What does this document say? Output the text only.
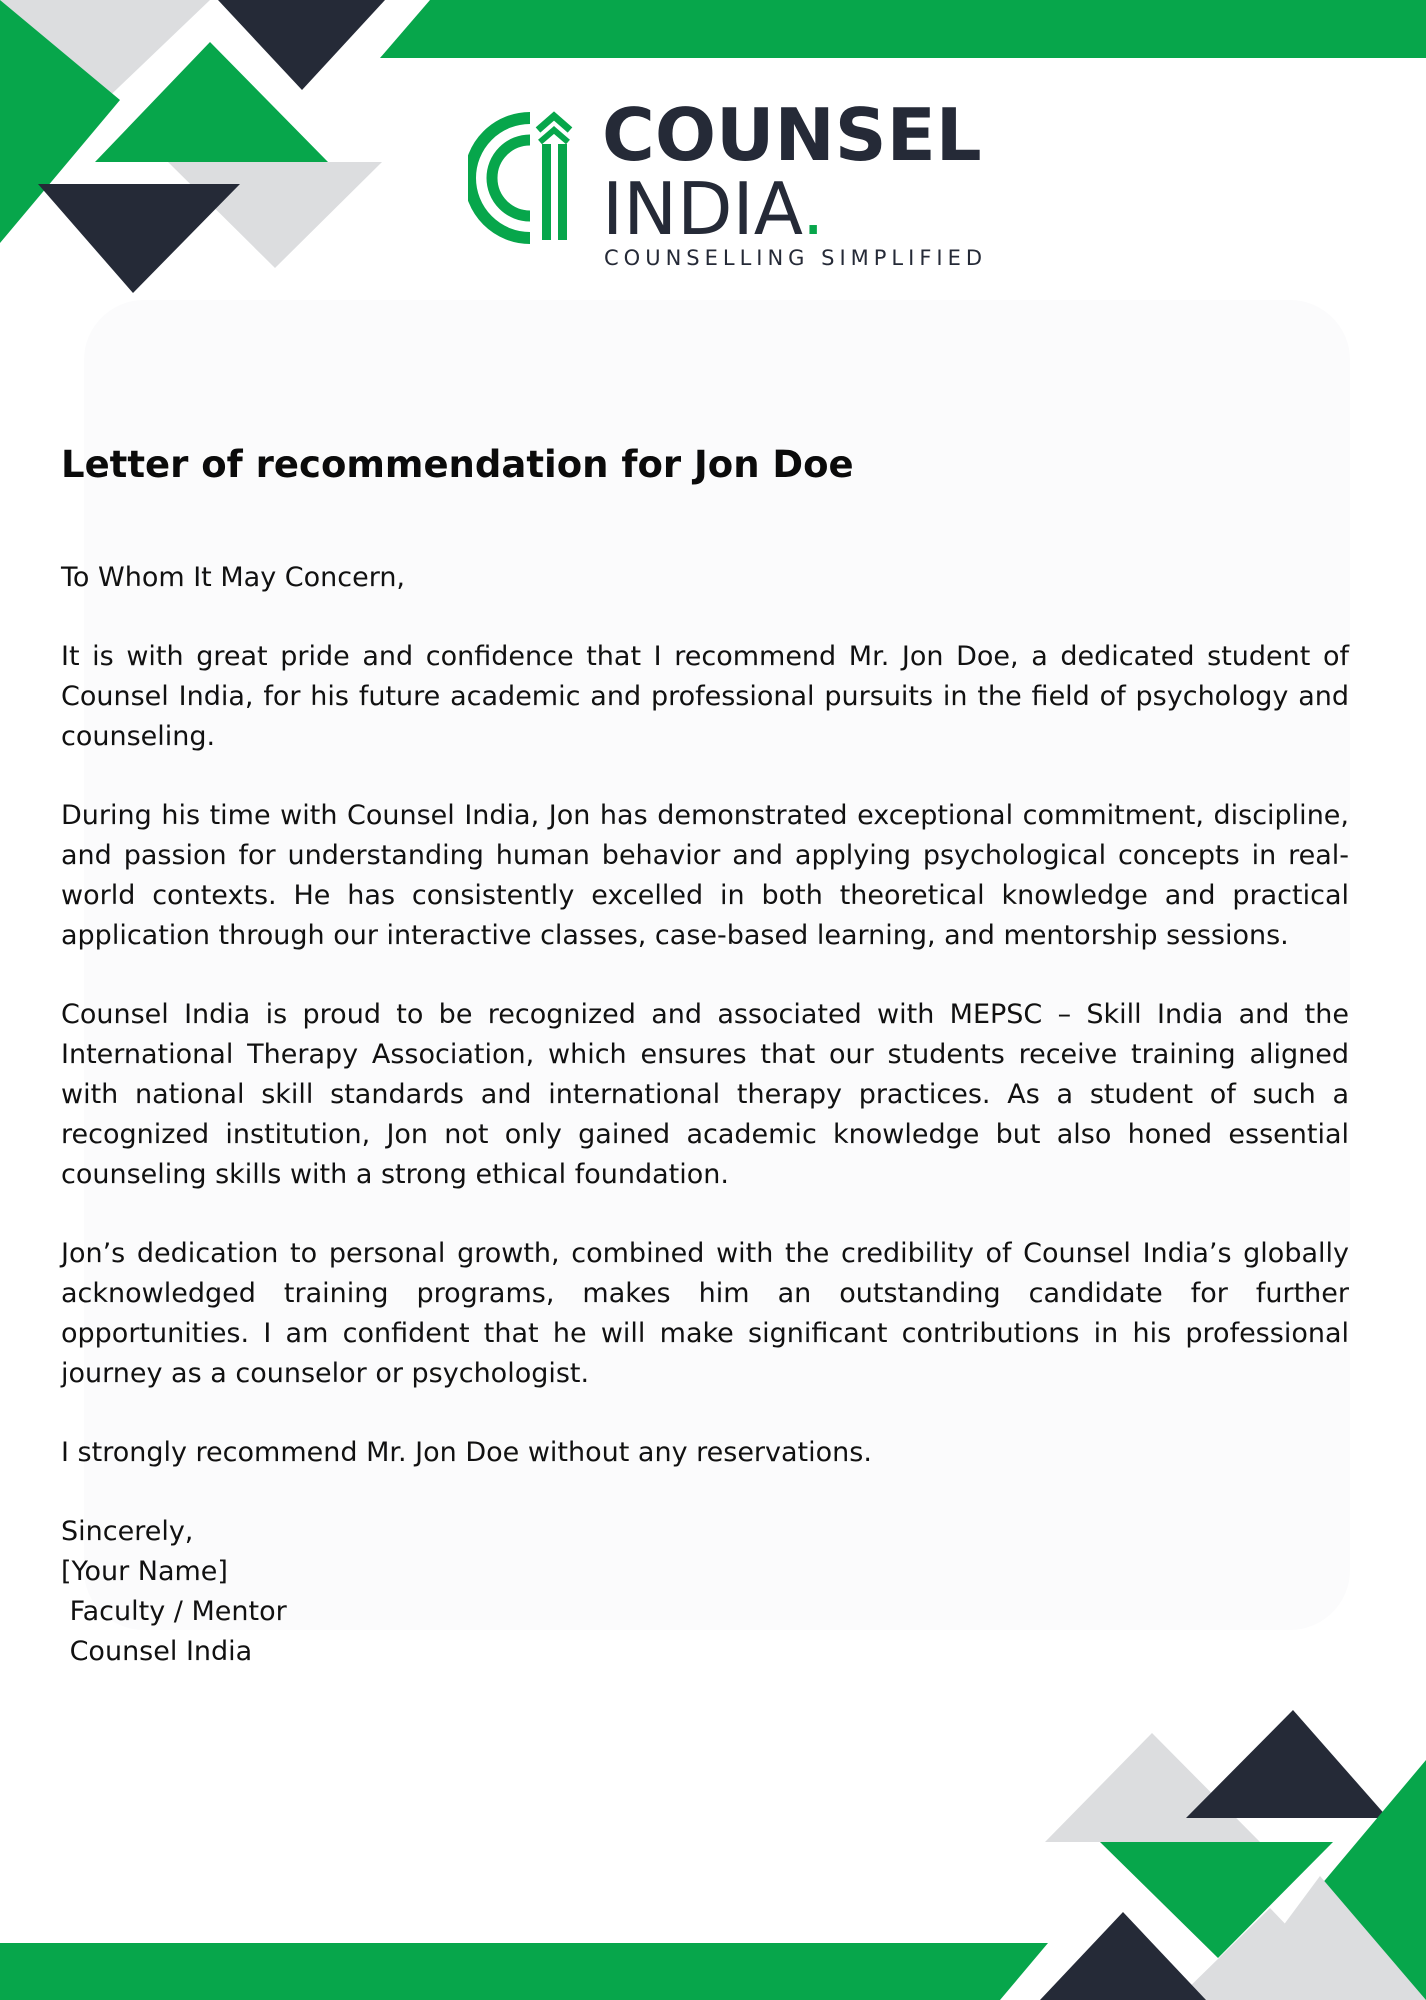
COUNSEL
INDIA.
COUNSELLING SIMPLIFIED
Letter of recommendation for Jon Doe

To Whom It May Concern,

It is with great pride and confidence that I recommend Mr. Jon Doe, a dedicated student of Counsel India, for his future academic and professional pursuits in the field of psychology and counseling.

During his time with Counsel India, Jon has demonstrated exceptional commitment, discipline, and passion for understanding human behavior and applying psychological concepts in real-world contexts. He has consistently excelled in both theoretical knowledge and practical application through our interactive classes, case-based learning, and mentorship sessions.

Counsel India is proud to be recognized and associated with MEPSC – Skill India and the International Therapy Association, which ensures that our students receive training aligned with national skill standards and international therapy practices. As a student of such a recognized institution, Jon not only gained academic knowledge but also honed essential counseling skills with a strong ethical foundation.

Jon’s dedication to personal growth, combined with the credibility of Counsel India’s globally acknowledged training programs, makes him an outstanding candidate for further opportunities. I am confident that he will make significant contributions in his professional journey as a counselor or psychologist.

I strongly recommend Mr. Jon Doe without any reservations.

Sincerely,
[Your Name]
Faculty / Mentor
Counsel India
